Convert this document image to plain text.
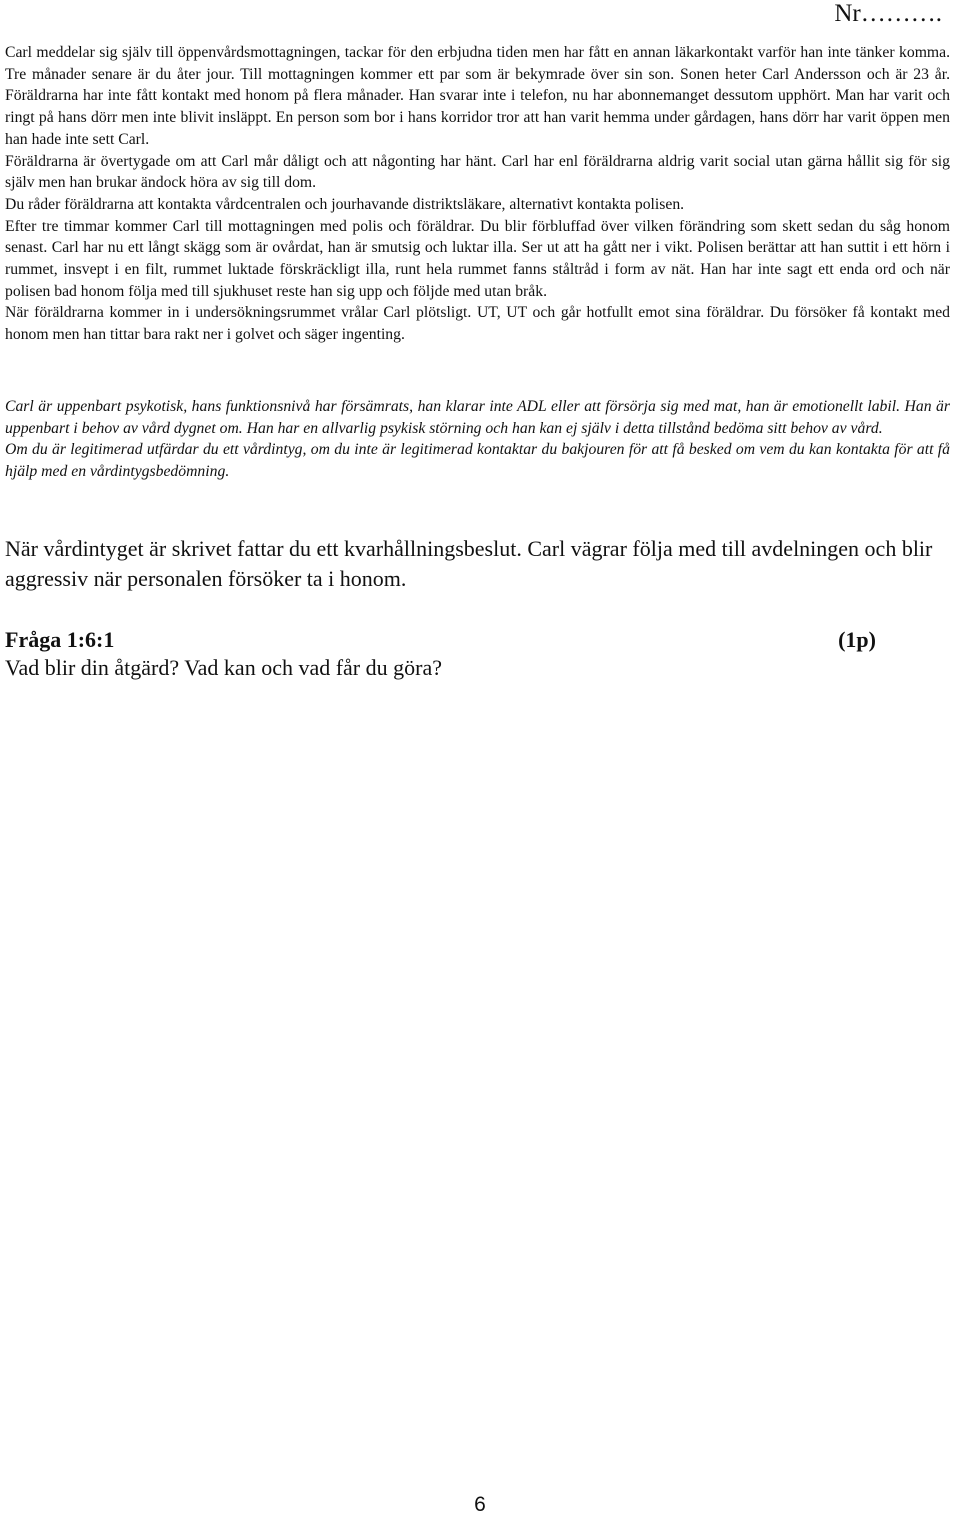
Nr……….

Carl meddelar sig själv till öppenvårdsmottagningen, tackar för den erbjudna tiden men har fått en annan läkarkontakt varför han inte tänker komma. Tre månader senare är du åter jour. Till mottagningen kommer ett par som är bekymrade över sin son. Sonen heter Carl Andersson och är 23 år. Föräldrarna har inte fått kontakt med honom på flera månader. Han svarar inte i telefon, nu har abonnemanget dessutom upphört. Man har varit och ringt på hans dörr men inte blivit insläppt. En person som bor i hans korridor tror att han varit hemma under gårdagen, hans dörr har varit öppen men han hade inte sett Carl.

Föräldrarna är övertygade om att Carl mår dåligt och att någonting har hänt. Carl har enl föräldrarna aldrig varit social utan gärna hållit sig för sig själv men han brukar ändock höra av sig till dom.

Du råder föräldrarna att kontakta vårdcentralen och jourhavande distriktsläkare, alternativt kontakta polisen.

Efter tre timmar kommer Carl till mottagningen med polis och föräldrar. Du blir förbluffad över vilken förändring som skett sedan du såg honom senast. Carl har nu ett långt skägg som är ovårdat, han är smutsig och luktar illa. Ser ut att ha gått ner i vikt. Polisen berättar att han suttit i ett hörn i rummet, insvept i en filt, rummet luktade förskräckligt illa, runt hela rummet fanns ståltråd i form av nät. Han har inte sagt ett enda ord och när polisen bad honom följa med till sjukhuset reste han sig upp och följde med utan bråk.

När föräldrarna kommer in i undersökningsrummet vrålar Carl plötsligt. UT, UT och går hotfullt emot sina föräldrar. Du försöker få kontakt med honom men han tittar bara rakt ner i golvet och säger ingenting.

Carl är uppenbart psykotisk, hans funktionsnivå har försämrats, han klarar inte ADL eller att försörja sig med mat, han är emotionellt labil. Han är uppenbart i behov av vård dygnet om. Han har en allvarlig psykisk störning och han kan ej själv i detta tillstånd bedöma sitt behov av vård.

Om du är legitimerad utfärdar du ett vårdintyg, om du inte är legitimerad kontaktar du bakjouren för att få besked om vem du kan kontakta för att få hjälp med en vårdintygsbedömning.

När vårdintyget är skrivet fattar du ett kvarhållningsbeslut. Carl vägrar följa med till avdelningen och blir aggressiv när personalen försöker ta i honom.

Fråga 1:6:1	(1p)
Vad blir din åtgärd? Vad kan och vad får du göra?
6
